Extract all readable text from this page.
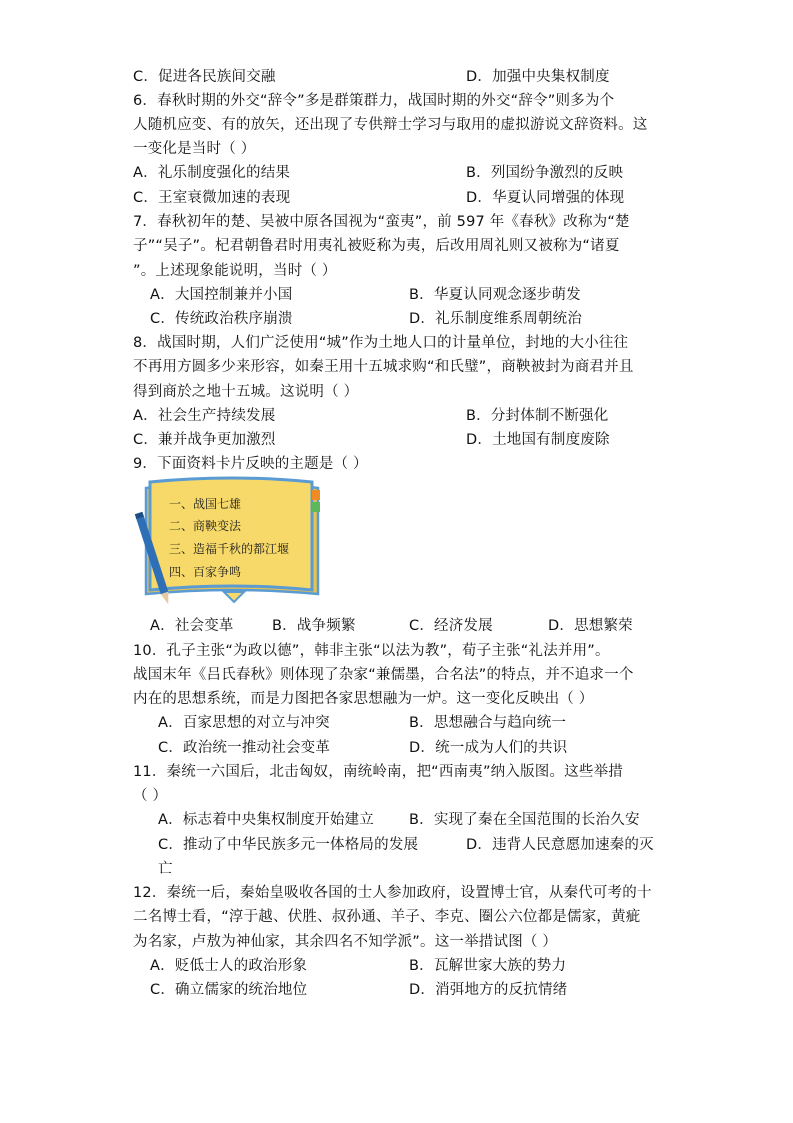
C．促进各民族间交融	D．加强中央集权制度
6．春秋时期的外交“辞令”多是群策群力，战国时期的外交“辞令”则多为个
人随机应变、有的放矢，还出现了专供辩士学习与取用的虚拟游说文辞资料。这
一变化是当时（ ）
A．礼乐制度强化的结果	B．列国纷争激烈的反映
C．王室衰微加速的表现	D．华夏认同增强的体现
7．春秋初年的楚、吴被中原各国视为“蛮夷”，前 597 年《春秋》改称为“楚
子”“吴子”。杞君朝鲁君时用夷礼被贬称为夷，后改用周礼则又被称为“诸夏
”。上述现象能说明，当时（ ）
A．大国控制兼并小国	B．华夏认同观念逐步萌发
C．传统政治秩序崩溃	D．礼乐制度维系周朝统治
8．战国时期，人们广泛使用“城”作为土地人口的计量单位，封地的大小往往
不再用方圆多少来形容，如秦王用十五城求购“和氏璧”，商鞅被封为商君并且
得到商於之地十五城。这说明（ ）
A．社会生产持续发展	B．分封体制不断强化
C．兼并战争更加激烈	D．土地国有制度废除
9．下面资料卡片反映的主题是（ ）
一、战国七雄
二、商鞅变法
三、造福千秋的都江堰
四、百家争鸣
A．社会变革	B．战争频繁	C．经济发展	D．思想繁荣
10．孔子主张“为政以德”，韩非主张“以法为教”，荀子主张“礼法并用”。
战国末年《吕氏春秋》则体现了杂家“兼儒墨，合名法”的特点，并不追求一个
内在的思想系统，而是力图把各家思想融为一炉。这一变化反映出（ ）
A．百家思想的对立与冲突	B．思想融合与趋向统一
C．政治统一推动社会变革	D．统一成为人们的共识
11．秦统一六国后，北击匈奴，南统岭南，把“西南夷”纳入版图。这些举措
（ ）
A．标志着中央集权制度开始建立 B．实现了秦在全国范围的长治久安
C．推动了中华民族多元一体格局的发展	D．违背人民意愿加速秦的灭
亡
12．秦统一后，秦始皇吸收各国的士人参加政府，设置博士官，从秦代可考的十
二名博士看，“淳于越、伏胜、叔孙通、羊子、李克、圈公六位都是儒家，黄疵
为名家，卢敖为神仙家，其余四名不知学派”。这一举措试图（ ）
A．贬低士人的政治形象	B．瓦解世家大族的势力
C．确立儒家的统治地位	D．消弭地方的反抗情绪
